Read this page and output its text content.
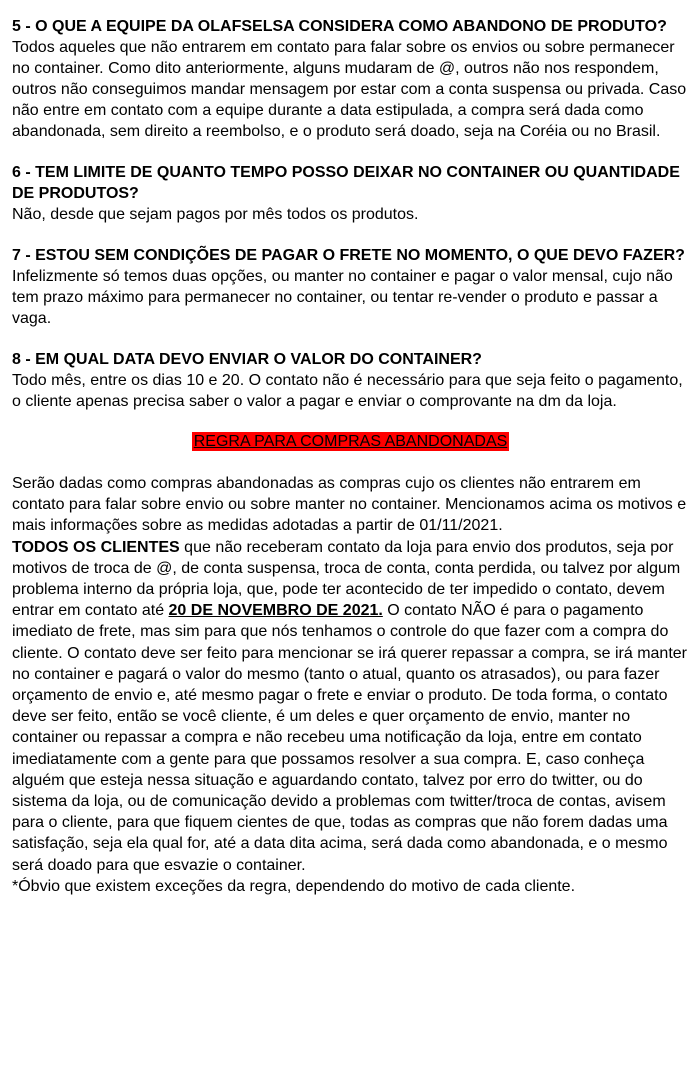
5 - O QUE A EQUIPE DA OLAFSELSA CONSIDERA COMO ABANDONO DE PRODUTO?

Todos aqueles que não entrarem em contato para falar sobre os envios ou sobre permanecer no container. Como dito anteriormente, alguns mudaram de @, outros não nos respondem, outros não conseguimos mandar mensagem por estar com a conta suspensa ou privada. Caso não entre em contato com a equipe durante a data estipulada, a compra será dada como abandonada, sem direito a reembolso, e o produto será doado, seja na Coréia ou no Brasil.

6 - TEM LIMITE DE QUANTO TEMPO POSSO DEIXAR NO CONTAINER OU QUANTIDADE DE PRODUTOS?

Não, desde que sejam pagos por mês todos os produtos.

7 - ESTOU SEM CONDIÇÕES DE PAGAR O FRETE NO MOMENTO, O QUE DEVO FAZER?

Infelizmente só temos duas opções, ou manter no container e pagar o valor mensal, cujo não tem prazo máximo para permanecer no container, ou tentar re-vender o produto e passar a vaga.

8 - EM QUAL DATA DEVO ENVIAR O VALOR DO CONTAINER?

Todo mês, entre os dias 10 e 20. O contato não é necessário para que seja feito o pagamento, o cliente apenas precisa saber o valor a pagar e enviar o comprovante na dm da loja.

REGRA PARA COMPRAS ABANDONADAS

Serão dadas como compras abandonadas as compras cujo os clientes não entrarem em contato para falar sobre envio ou sobre manter no container. Mencionamos acima os motivos e mais informações sobre as medidas adotadas a partir de 01/11/2021.

TODOS OS CLIENTES que não receberam contato da loja para envio dos produtos, seja por motivos de troca de @, de conta suspensa, troca de conta, conta perdida, ou talvez por algum problema interno da própria loja, que, pode ter acontecido de ter impedido o contato, devem entrar em contato até 20 DE NOVEMBRO DE 2021. O contato NÃO é para o pagamento imediato de frete, mas sim para que nós tenhamos o controle do que fazer com a compra do cliente. O contato deve ser feito para mencionar se irá querer repassar a compra, se irá manter no container e pagará o valor do mesmo (tanto o atual, quanto os atrasados), ou para fazer orçamento de envio e, até mesmo pagar o frete e enviar o produto. De toda forma, o contato deve ser feito, então se você cliente, é um deles e quer orçamento de envio, manter no container ou repassar a compra e não recebeu uma notificação da loja, entre em contato imediatamente com a gente para que possamos resolver a sua compra. E, caso conheça alguém que esteja nessa situação e aguardando contato, talvez por erro do twitter, ou do sistema da loja, ou de comunicação devido a problemas com twitter/troca de contas, avisem para o cliente, para que fiquem cientes de que, todas as compras que não forem dadas uma satisfação, seja ela qual for, até a data dita acima, será dada como abandonada, e o mesmo será doado para que esvazie o container.

*Óbvio que existem exceções da regra, dependendo do motivo de cada cliente.
